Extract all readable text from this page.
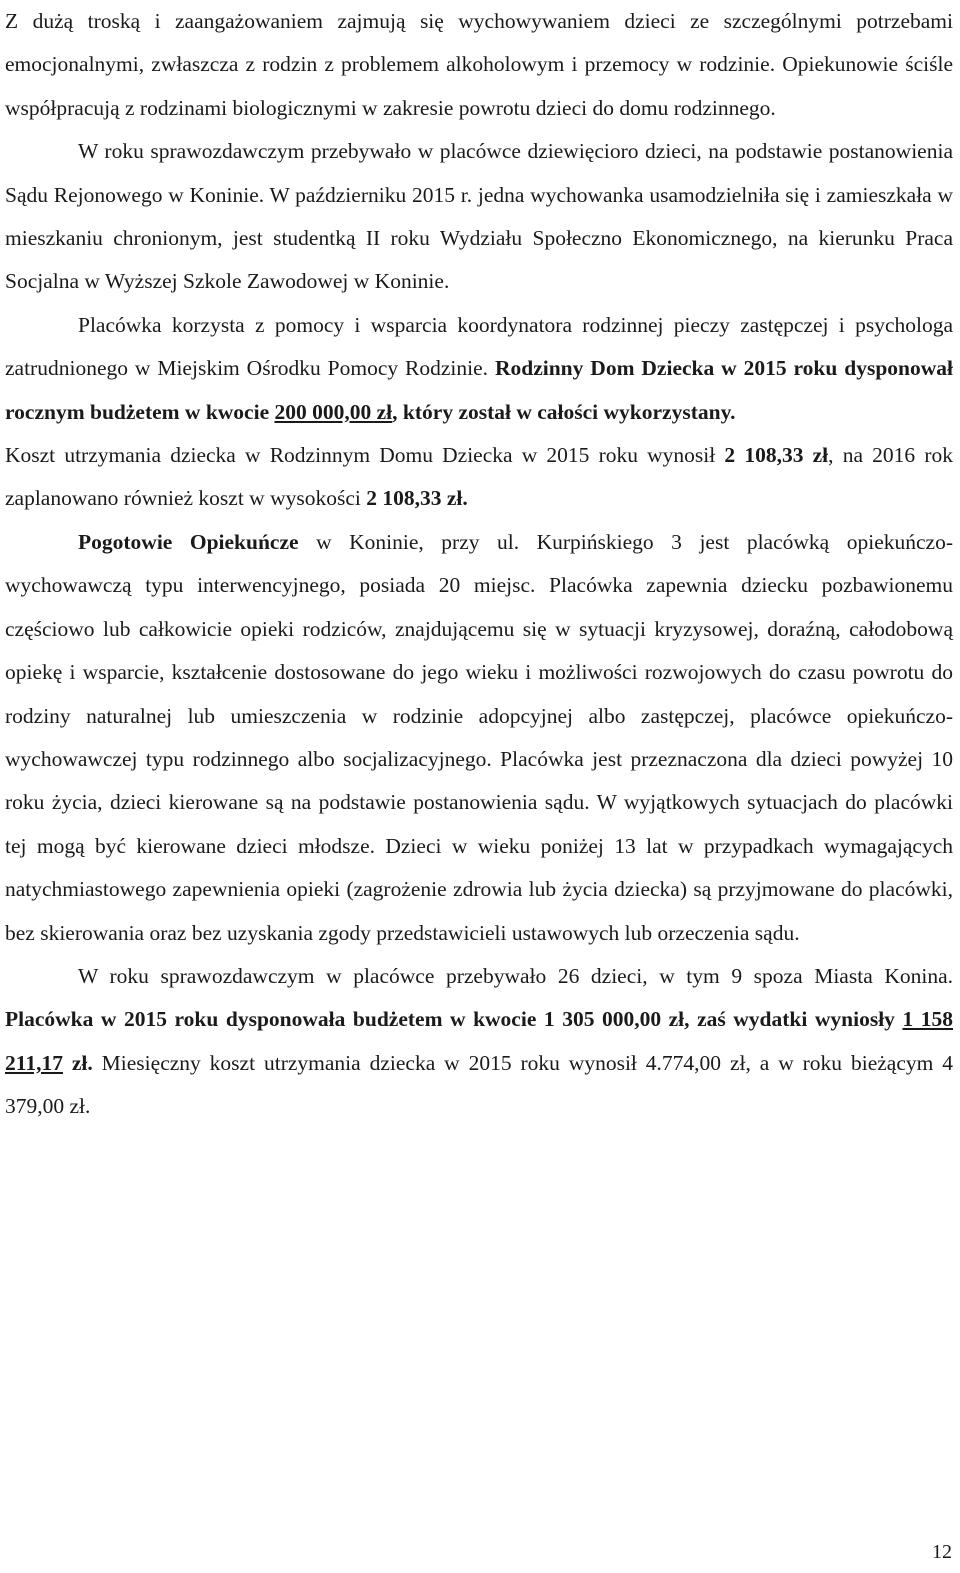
Z dużą troską i zaangażowaniem zajmują się wychowywaniem dzieci ze szczególnymi potrzebami emocjonalnymi, zwłaszcza z rodzin z problemem alkoholowym i przemocy w rodzinie. Opiekunowie ściśle współpracują z rodzinami biologicznymi w zakresie powrotu dzieci do domu rodzinnego.

W roku sprawozdawczym przebywało w placówce dziewięcioro dzieci, na podstawie postanowienia Sądu Rejonowego w Koninie. W październiku 2015 r. jedna wychowanka usamodzielniła się i zamieszkała w mieszkaniu chronionym, jest studentką II roku Wydziału Społeczno Ekonomicznego, na kierunku Praca Socjalna w Wyższej Szkole Zawodowej w Koninie.

Placówka korzysta z pomocy i wsparcia koordynatora rodzinnej pieczy zastępczej i psychologa zatrudnionego w Miejskim Ośrodku Pomocy Rodzinie. Rodzinny Dom Dziecka w 2015 roku dysponował rocznym budżetem w kwocie 200 000,00 zł, który został w całości wykorzystany.

Koszt utrzymania dziecka w Rodzinnym Domu Dziecka w 2015 roku wynosił 2 108,33 zł, na 2016 rok zaplanowano również koszt w wysokości 2 108,33 zł.

Pogotowie Opiekuńcze w Koninie, przy ul. Kurpińskiego 3 jest placówką opiekuńczo-wychowawczą typu interwencyjnego, posiada 20 miejsc. Placówka zapewnia dziecku pozbawionemu częściowo lub całkowicie opieki rodziców, znajdującemu się w sytuacji kryzysowej, doraźną, całodobową opiekę i wsparcie, kształcenie dostosowane do jego wieku i możliwości rozwojowych do czasu powrotu do rodziny naturalnej lub umieszczenia w rodzinie adopcyjnej albo zastępczej, placówce opiekuńczo-wychowawczej typu rodzinnego albo socjalizacyjnego. Placówka jest przeznaczona dla dzieci powyżej 10 roku życia, dzieci kierowane są na podstawie postanowienia sądu. W wyjątkowych sytuacjach do placówki tej mogą być kierowane dzieci młodsze. Dzieci w wieku poniżej 13 lat w przypadkach wymagających natychmiastowego zapewnienia opieki (zagrożenie zdrowia lub życia dziecka) są przyjmowane do placówki, bez skierowania oraz bez uzyskania zgody przedstawicieli ustawowych lub orzeczenia sądu.

W roku sprawozdawczym w placówce przebywało 26 dzieci, w tym 9 spoza Miasta Konina. Placówka w 2015 roku dysponowała budżetem w kwocie 1 305 000,00 zł, zaś wydatki wyniosły 1 158 211,17 zł. Miesięczny koszt utrzymania dziecka w 2015 roku wynosił 4.774,00 zł, a w roku bieżącym 4 379,00 zł.

12
